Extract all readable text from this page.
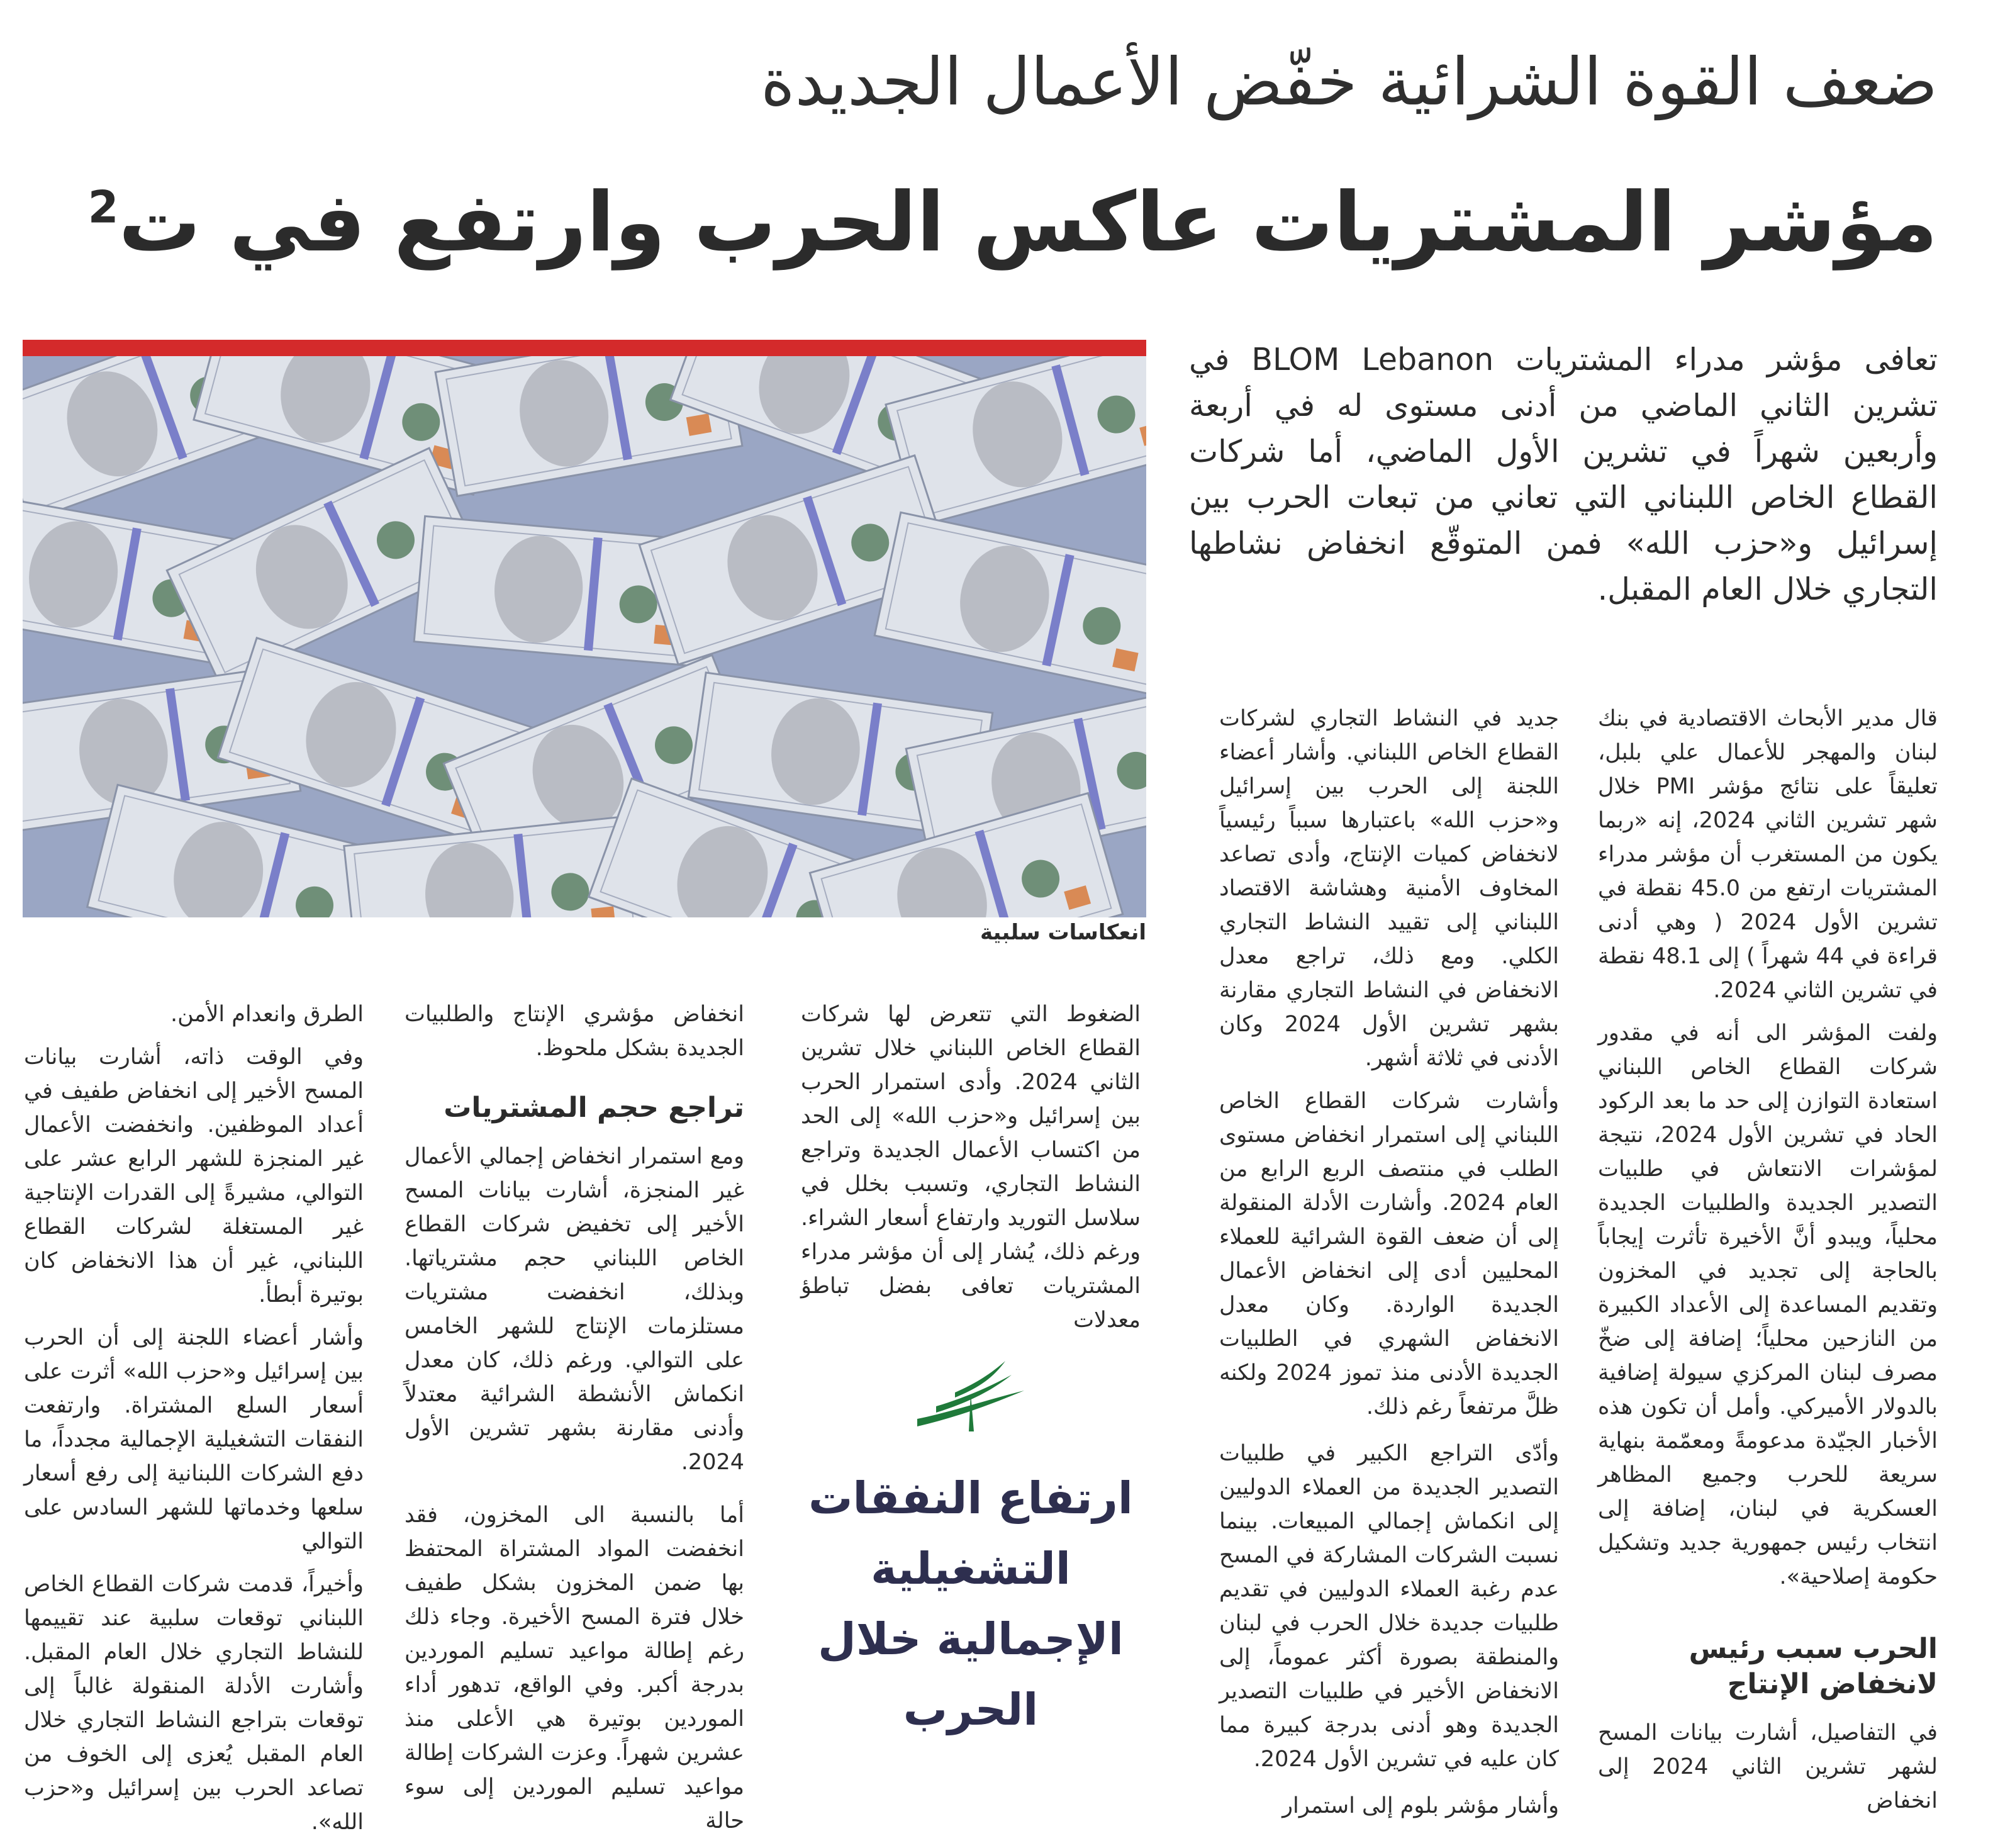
ضعف القوة الشرائية خفّض الأعمال الجديدة
مؤشر المشتريات عاكس الحرب وارتفع في ت$^2$
تعافى مؤشر مدراء المشتريات BLOM Lebanon في تشرين الثاني الماضي من أدنى مستوى له في أربعة وأربعين شهراً في تشرين الأول الماضي، أما شركات القطاع الخاص اللبناني التي تعاني من تبعات الحرب بين إسرائيل و«حزب الله» فمن المتوقّع انخفاض نشاطها التجاري خلال العام المقبل.
انعكاسات سلبية

قال مدير الأبحاث الاقتصادية في بنك لبنان والمهجر للأعمال علي بلبل، تعليقاً على نتائج مؤشر PMI خلال شهر تشرين الثاني 2024، إنه «ربما يكون من المستغرب أن مؤشر مدراء المشتريات ارتفع من 45.0 نقطة في تشرين الأول 2024 ( وهي أدنى قراءة في 44 شهراً ) إلى 48.1 نقطة في تشرين الثاني 2024.

ولفت المؤشر الى أنه في مقدور شركات القطاع الخاص اللبناني استعادة التوازن إلى حد ما بعد الركود الحاد في تشرين الأول 2024، نتيجة لمؤشرات الانتعاش في طلبيات التصدير الجديدة والطلبيات الجديدة محلياً، ويبدو أنَّ الأخيرة تأثرت إيجاباً بالحاجة إلى تجديد في المخزون وتقديم المساعدة إلى الأعداد الكبيرة من النازحين محلياً؛ إضافة إلى ضخّ مصرف لبنان المركزي سيولة إضافية بالدولار الأميركي. وأمل أن تكون هذه الأخبار الجيّدة مدعومةً ومعمّمة بنهاية سريعة للحرب وجميع المظاهر العسكرية في لبنان، إضافة إلى انتخاب رئيس جمهورية جديد وتشكيل حكومة إصلاحية».

الحرب سبب رئيس لانخفاض الإنتاج

في التفاصيل، أشارت بيانات المسح لشهر تشرين الثاني 2024 إلى انخفاض

جديد في النشاط التجاري لشركات القطاع الخاص اللبناني. وأشار أعضاء اللجنة إلى الحرب بين إسرائيل و«حزب الله» باعتبارها سبباً رئيسياً لانخفاض كميات الإنتاج، وأدى تصاعد المخاوف الأمنية وهشاشة الاقتصاد اللبناني إلى تقييد النشاط التجاري الكلي. ومع ذلك، تراجع معدل الانخفاض في النشاط التجاري مقارنة بشهر تشرين الأول 2024 وكان الأدنى في ثلاثة أشهر.

وأشارت شركات القطاع الخاص اللبناني إلى استمرار انخفاض مستوى الطلب في منتصف الربع الرابع من العام 2024. وأشارت الأدلة المنقولة إلى أن ضعف القوة الشرائية للعملاء المحليين أدى إلى انخفاض الأعمال الجديدة الواردة. وكان معدل الانخفاض الشهري في الطلبيات الجديدة الأدنى منذ تموز 2024 ولكنه ظلَّ مرتفعاً رغم ذلك.

وأدّى التراجع الكبير في طلبيات التصدير الجديدة من العملاء الدوليين إلى انكماش إجمالي المبيعات. بينما نسبت الشركات المشاركة في المسح عدم رغبة العملاء الدوليين في تقديم طلبيات جديدة خلال الحرب في لبنان والمنطقة بصورة أكثر عموماً، إلى الانخفاض الأخير في طلبيات التصدير الجديدة وهو أدنى بدرجة كبيرة مما كان عليه في تشرين الأول 2024.

وأشار مؤشر بلوم إلى استمرار

الضغوط التي تتعرض لها شركات القطاع الخاص اللبناني خلال تشرين الثاني 2024. وأدى استمرار الحرب بين إسرائيل و«حزب الله» إلى الحد من اكتساب الأعمال الجديدة وتراجع النشاط التجاري، وتسبب بخلل في سلاسل التوريد وارتفاع أسعار الشراء. ورغم ذلك، يُشار إلى أن مؤشر مدراء المشتريات تعافى بفضل تباطؤ معدلات

ارتفاع النفقات التشغيلية الإجمالية خلال الحرب

انخفاض مؤشري الإنتاج والطلبيات الجديدة بشكل ملحوظ.

تراجع حجم المشتريات

ومع استمرار انخفاض إجمالي الأعمال غير المنجزة، أشارت بيانات المسح الأخير إلى تخفيض شركات القطاع الخاص اللبناني حجم مشترياتها. وبذلك، انخفضت مشتريات مستلزمات الإنتاج للشهر الخامس على التوالي. ورغم ذلك، كان معدل انكماش الأنشطة الشرائية معتدلاً وأدنى مقارنة بشهر تشرين الأول 2024.

أما بالنسبة الى المخزون، فقد انخفضت المواد المشتراة المحتفظ بها ضمن المخزون بشكل طفيف خلال فترة المسح الأخيرة. وجاء ذلك رغم إطالة مواعيد تسليم الموردين بدرجة أكبر. وفي الواقع، تدهور أداء الموردين بوتيرة هي الأعلى منذ عشرين شهراً. وعزت الشركات إطالة مواعيد تسليم الموردين إلى سوء حالة

الطرق وانعدام الأمن.

وفي الوقت ذاته، أشارت بيانات المسح الأخير إلى انخفاض طفيف في أعداد الموظفين. وانخفضت الأعمال غير المنجزة للشهر الرابع عشر على التوالي، مشيرةً إلى القدرات الإنتاجية غير المستغلة لشركات القطاع اللبناني، غير أن هذا الانخفاض كان بوتيرة أبطأ.

وأشار أعضاء اللجنة إلى أن الحرب بين إسرائيل و«حزب الله» أثرت على أسعار السلع المشتراة. وارتفعت النفقات التشغيلية الإجمالية مجدداً، ما دفع الشركات اللبنانية إلى رفع أسعار سلعها وخدماتها للشهر السادس على التوالي

وأخيراً، قدمت شركات القطاع الخاص اللبناني توقعات سلبية عند تقييمها للنشاط التجاري خلال العام المقبل. وأشارت الأدلة المنقولة غالباً إلى توقعات بتراجع النشاط التجاري خلال العام المقبل يُعزى إلى الخوف من تصاعد الحرب بين إسرائيل و«حزب الله».
